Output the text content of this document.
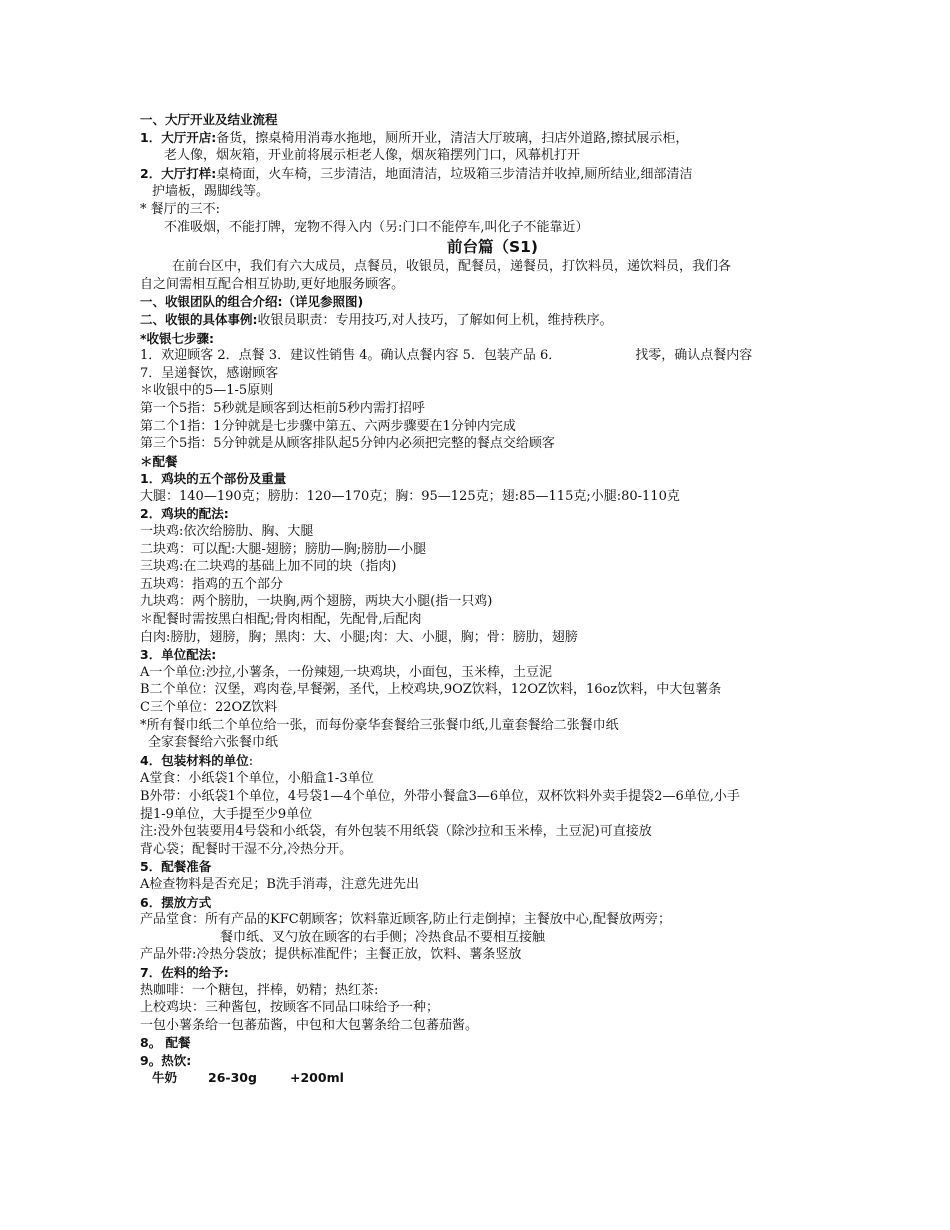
一、大厅开业及结业流程
1．大厅开店:备货，擦桌椅用消毒水拖地，厕所开业，清洁大厅玻璃，扫店外道路,擦拭展示柜，
老人像，烟灰箱，开业前将展示柜老人像，烟灰箱摆列门口，风幕机打开
2．大厅打样:桌椅面，火车椅，三步清洁，地面清洁，垃圾箱三步清洁并收掉,厕所结业,细部清洁
护墙板，踢脚线等。
* 餐厅的三不:
不准吸烟，不能打牌，宠物不得入内（另:门口不能停车,叫化子不能靠近）
前台篇（S1)
在前台区中，我们有六大成员，点餐员，收银员，配餐员，递餐员，打饮料员，递饮料员，我们各
自之间需相互配合相互协助,更好地服务顾客。
一、收银团队的组合介绍:（详见参照图)
二、收银的具体事例:收银员职责：专用技巧,对人技巧，了解如何上机，维持秩序。
*收银七步骤:
1．欢迎顾客 2．点餐 3．建议性销售 4。确认点餐内容 5．包装产品 6．	找零，确认点餐内容
7．呈递餐饮，感谢顾客
＊收银中的5—1-5原则
第一个5指：5秒就是顾客到达柜前5秒内需打招呼
第二个1指：1分钟就是七步骤中第五、六两步骤要在1分钟内完成
第三个5指：5分钟就是从顾客排队起5分钟内必须把完整的餐点交给顾客
＊配餐
1．鸡块的五个部份及重量
大腿：140—190克；膀肋：120—170克；胸：95—125克；翅:85—115克;小腿:80-110克
2．鸡块的配法:
一块鸡:依次给膀肋、胸、大腿
二块鸡：可以配:大腿-翅膀；膀肋—胸;膀肋—小腿
三块鸡:在二块鸡的基础上加不同的块（指肉)
五块鸡：指鸡的五个部分
九块鸡：两个膀肋，一块胸,两个翅膀，两块大小腿(指一只鸡)
＊配餐时需按黑白相配;骨肉相配，先配骨,后配肉
白肉:膀肋，翅膀，胸；黑肉：大、小腿;肉：大、小腿，胸；骨：膀肋，翅膀
3．单位配法:
A一个单位:沙拉,小薯条，一份辣翅,一块鸡块，小面包，玉米棒，土豆泥
B二个单位：汉堡，鸡肉卷,早餐粥，圣代，上校鸡块,9OZ饮料，12OZ饮料，16oz饮料，中大包薯条
C三个单位：22OZ饮料
*所有餐巾纸二个单位给一张，而每份豪华套餐给三张餐巾纸,儿童套餐给二张餐巾纸
全家套餐给六张餐巾纸
4．包装材料的单位:
A堂食：小纸袋1个单位，小船盒1-3单位
B外带：小纸袋1个单位，4号袋1—4个单位，外带小餐盒3—6单位，双杯饮料外卖手提袋2—6单位,小手
提1-9单位，大手提至少9单位
注:没外包装要用4号袋和小纸袋，有外包装不用纸袋（除沙拉和玉米棒，土豆泥)可直接放
背心袋；配餐时干湿不分,冷热分开。
5．配餐准备
A检查物料是否充足；B洗手消毒，注意先进先出
6．摆放方式
产品堂食：所有产品的KFC朝顾客；饮料靠近顾客,防止行走倒掉；主餐放中心,配餐放两旁；
餐巾纸、叉勺放在顾客的右手侧；冷热食品不要相互接触
产品外带:冷热分袋放；提供标准配件；主餐正放，饮料、薯条竖放
7．佐料的给予:
热咖啡：一个糖包，拌棒，奶精；热红茶:
上校鸡块：三种酱包，按顾客不同品口味给予一种；
一包小薯条给一包蕃茄酱，中包和大包薯条给二包蕃茄酱。
8。 配餐
9。热饮:
牛奶 26-30g	+200ml
